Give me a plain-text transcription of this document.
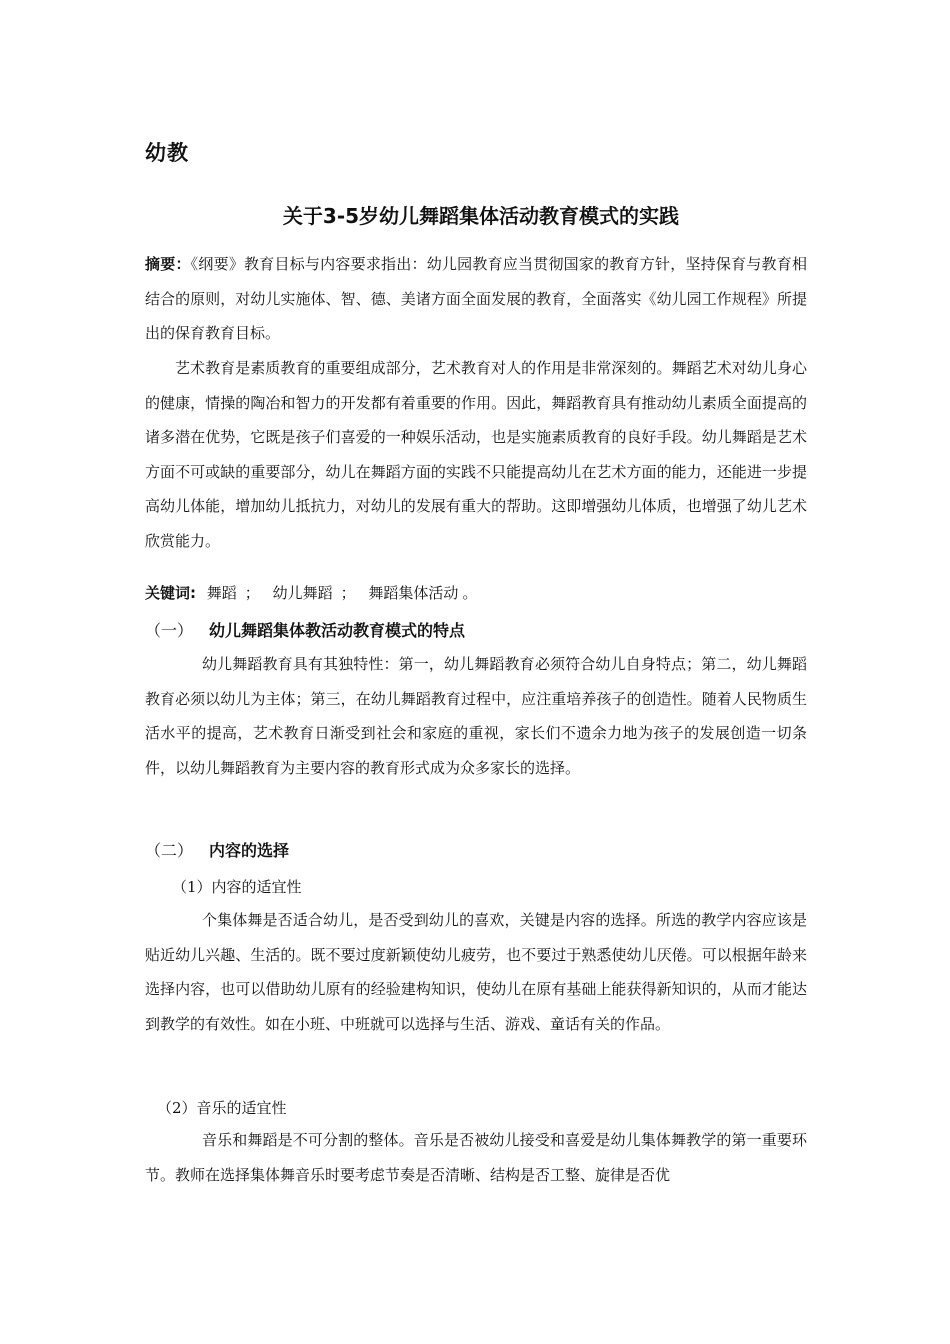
幼教
关于3-5岁幼儿舞蹈集体活动教育模式的实践
摘要：《纲要》教育目标与内容要求指出：幼儿园教育应当贯彻国家的教育方针，坚持保育与教育相结合的原则，对幼儿实施体、智、德、美诸方面全面发展的教育，全面落实《幼儿园工作规程》所提出的保育教育目标。
艺术教育是素质教育的重要组成部分，艺术教育对人的作用是非常深刻的。舞蹈艺术对幼儿身心的健康，情操的陶冶和智力的开发都有着重要的作用。因此，舞蹈教育具有推动幼儿素质全面提高的诸多潜在优势，它既是孩子们喜爱的一种娱乐活动，也是实施素质教育的良好手段。幼儿舞蹈是艺术方面不可或缺的重要部分，幼儿在舞蹈方面的实践不只能提高幼儿在艺术方面的能力，还能进一步提高幼儿体能，增加幼儿抵抗力，对幼儿的发展有重大的帮助。这即增强幼儿体质，也增强了幼儿艺术欣赏能力。
关键词: 舞蹈 ； 幼儿舞蹈 ； 舞蹈集体活动 。
（一） 幼儿舞蹈集体教活动教育模式的特点
幼儿舞蹈教育具有其独特性：第一，幼儿舞蹈教育必须符合幼儿自身特点；第二，幼儿舞蹈教育必须以幼儿为主体；第三，在幼儿舞蹈教育过程中，应注重培养孩子的创造性。随着人民物质生活水平的提高，艺术教育日渐受到社会和家庭的重视，家长们不遗余力地为孩子的发展创造一切条件，以幼儿舞蹈教育为主要内容的教育形式成为众多家长的选择。
（二） 内容的选择
（1）内容的适宜性
个集体舞是否适合幼儿，是否受到幼儿的喜欢，关键是内容的选择。所选的教学内容应该是贴近幼儿兴趣、生活的。既不要过度新颖使幼儿疲劳，也不要过于熟悉使幼儿厌倦。可以根据年龄来选择内容，也可以借助幼儿原有的经验建构知识，使幼儿在原有基础上能获得新知识的，从而才能达到教学的有效性。如在小班、中班就可以选择与生活、游戏、童话有关的作品。
（2）音乐的适宜性
音乐和舞蹈是不可分割的整体。音乐是否被幼儿接受和喜爱是幼儿集体舞教学的第一重要环节。教师在选择集体舞音乐时要考虑节奏是否清晰、结构是否工整、旋律是否优
